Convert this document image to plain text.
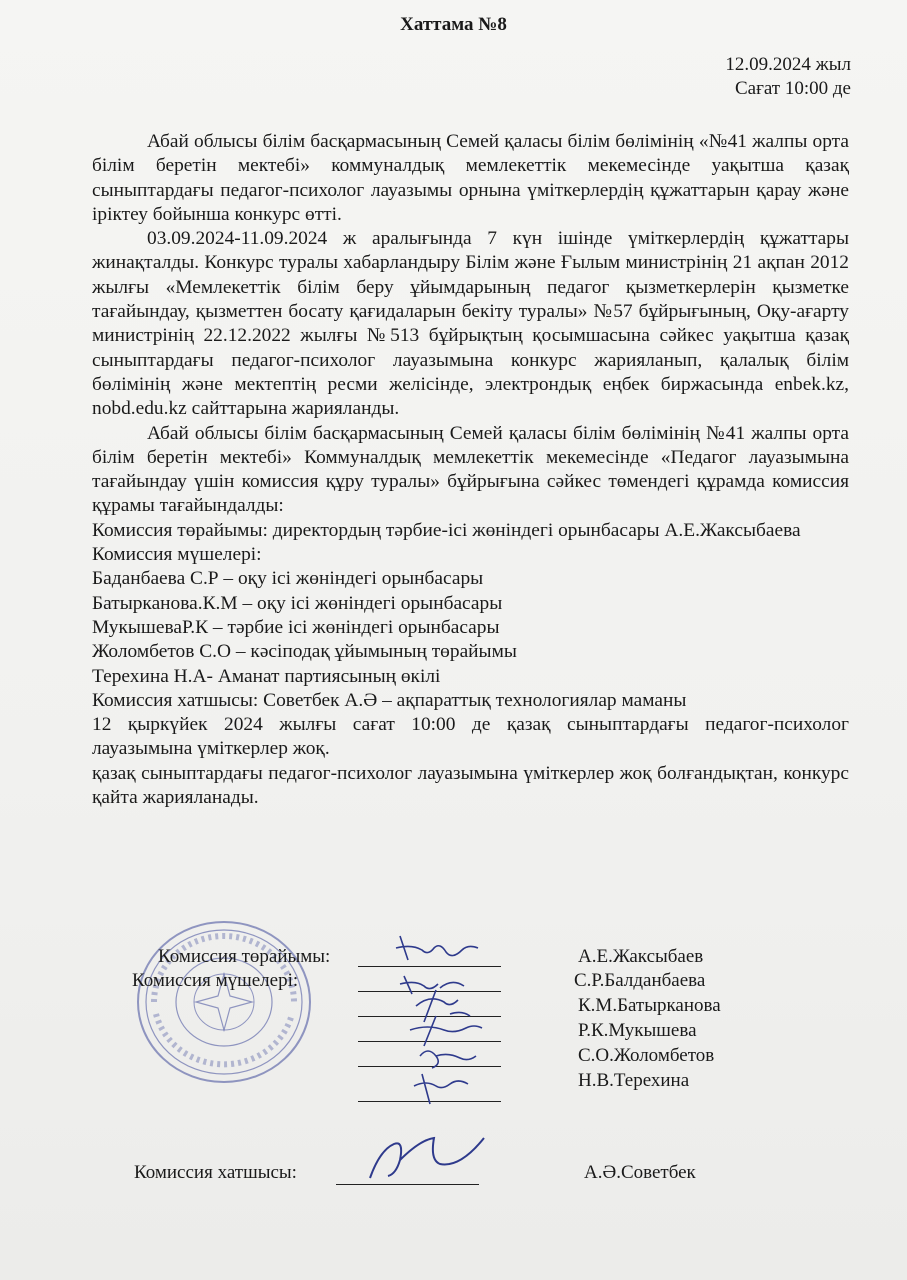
Хаттама №8
12.09.2024 жыл
Сағат 10:00 де

Абай облысы білім басқармасының Семей қаласы білім бөлімінің «№41 жалпы орта білім беретін мектебі» коммуналдық мемлекеттік мекемесінде уақытша қазақ сыныптардағы педагог-психолог лауазымы орнына үміткерлердің құжаттарын қарау және іріктеу бойынша конкурс өтті.

03.09.2024-11.09.2024 ж аралығында 7 күн ішінде үміткерлердің құжаттары жинақталды. Конкурс туралы хабарландыру Білім және Ғылым министрінің 21 ақпан 2012 жылғы «Мемлекеттік білім беру ұйымдарының педагог қызметкерлерін қызметке тағайындау, қызметтен босату қағидаларын бекіту туралы» №57 бұйрығының, Оқу-ағарту министрінің 22.12.2022 жылғы №513 бұйрықтың қосымшасына сәйкес уақытша қазақ сыныптардағы педагог-психолог лауазымына конкурс жарияланып, қалалық білім бөлімінің және мектептің ресми желісінде, электрондық еңбек биржасында enbek.kz, nobd.edu.kz сайттарына жарияланды.

Абай облысы білім басқармасының Семей қаласы білім бөлімінің №41 жалпы орта білім беретін мектебі» Коммуналдық мемлекеттік мекемесінде «Педагог лауазымына тағайындау үшін комиссия құру туралы» бұйрығына сәйкес төмендегі құрамда комиссия құрамы тағайындалды:

Комиссия төрайымы: директордың тәрбие-ісі жөніндегі орынбасары А.Е.Жаксыбаева

Комиссия мүшелері:

Баданбаева С.Р – оқу ісі жөніндегі орынбасары

Батырканова.К.М – оқу ісі жөніндегі орынбасары

МукышеваР.К – тәрбие ісі жөніндегі орынбасары

Жоломбетов С.О – кәсіподақ ұйымының төрайымы

Терехина Н.А- Аманат партиясының өкілі

Комиссия хатшысы: Советбек А.Ә – ақпараттық технологиялар маманы

12 қыркүйек 2024 жылғы сағат 10:00 де қазақ сыныптардағы педагог-психолог лауазымына үміткерлер жоқ.

қазақ сыныптардағы педагог-психолог лауазымына үміткерлер жоқ болғандықтан, конкурс қайта жарияланады.

Комиссия төрайымы:
Комиссия мүшелері:
А.Е.Жаксыбаев
С.Р.Балданбаева
К.М.Батырканова
Р.К.Мукышева
С.О.Жоломбетов
Н.В.Терехина
Комиссия хатшысы:	А.Ә.Советбек
